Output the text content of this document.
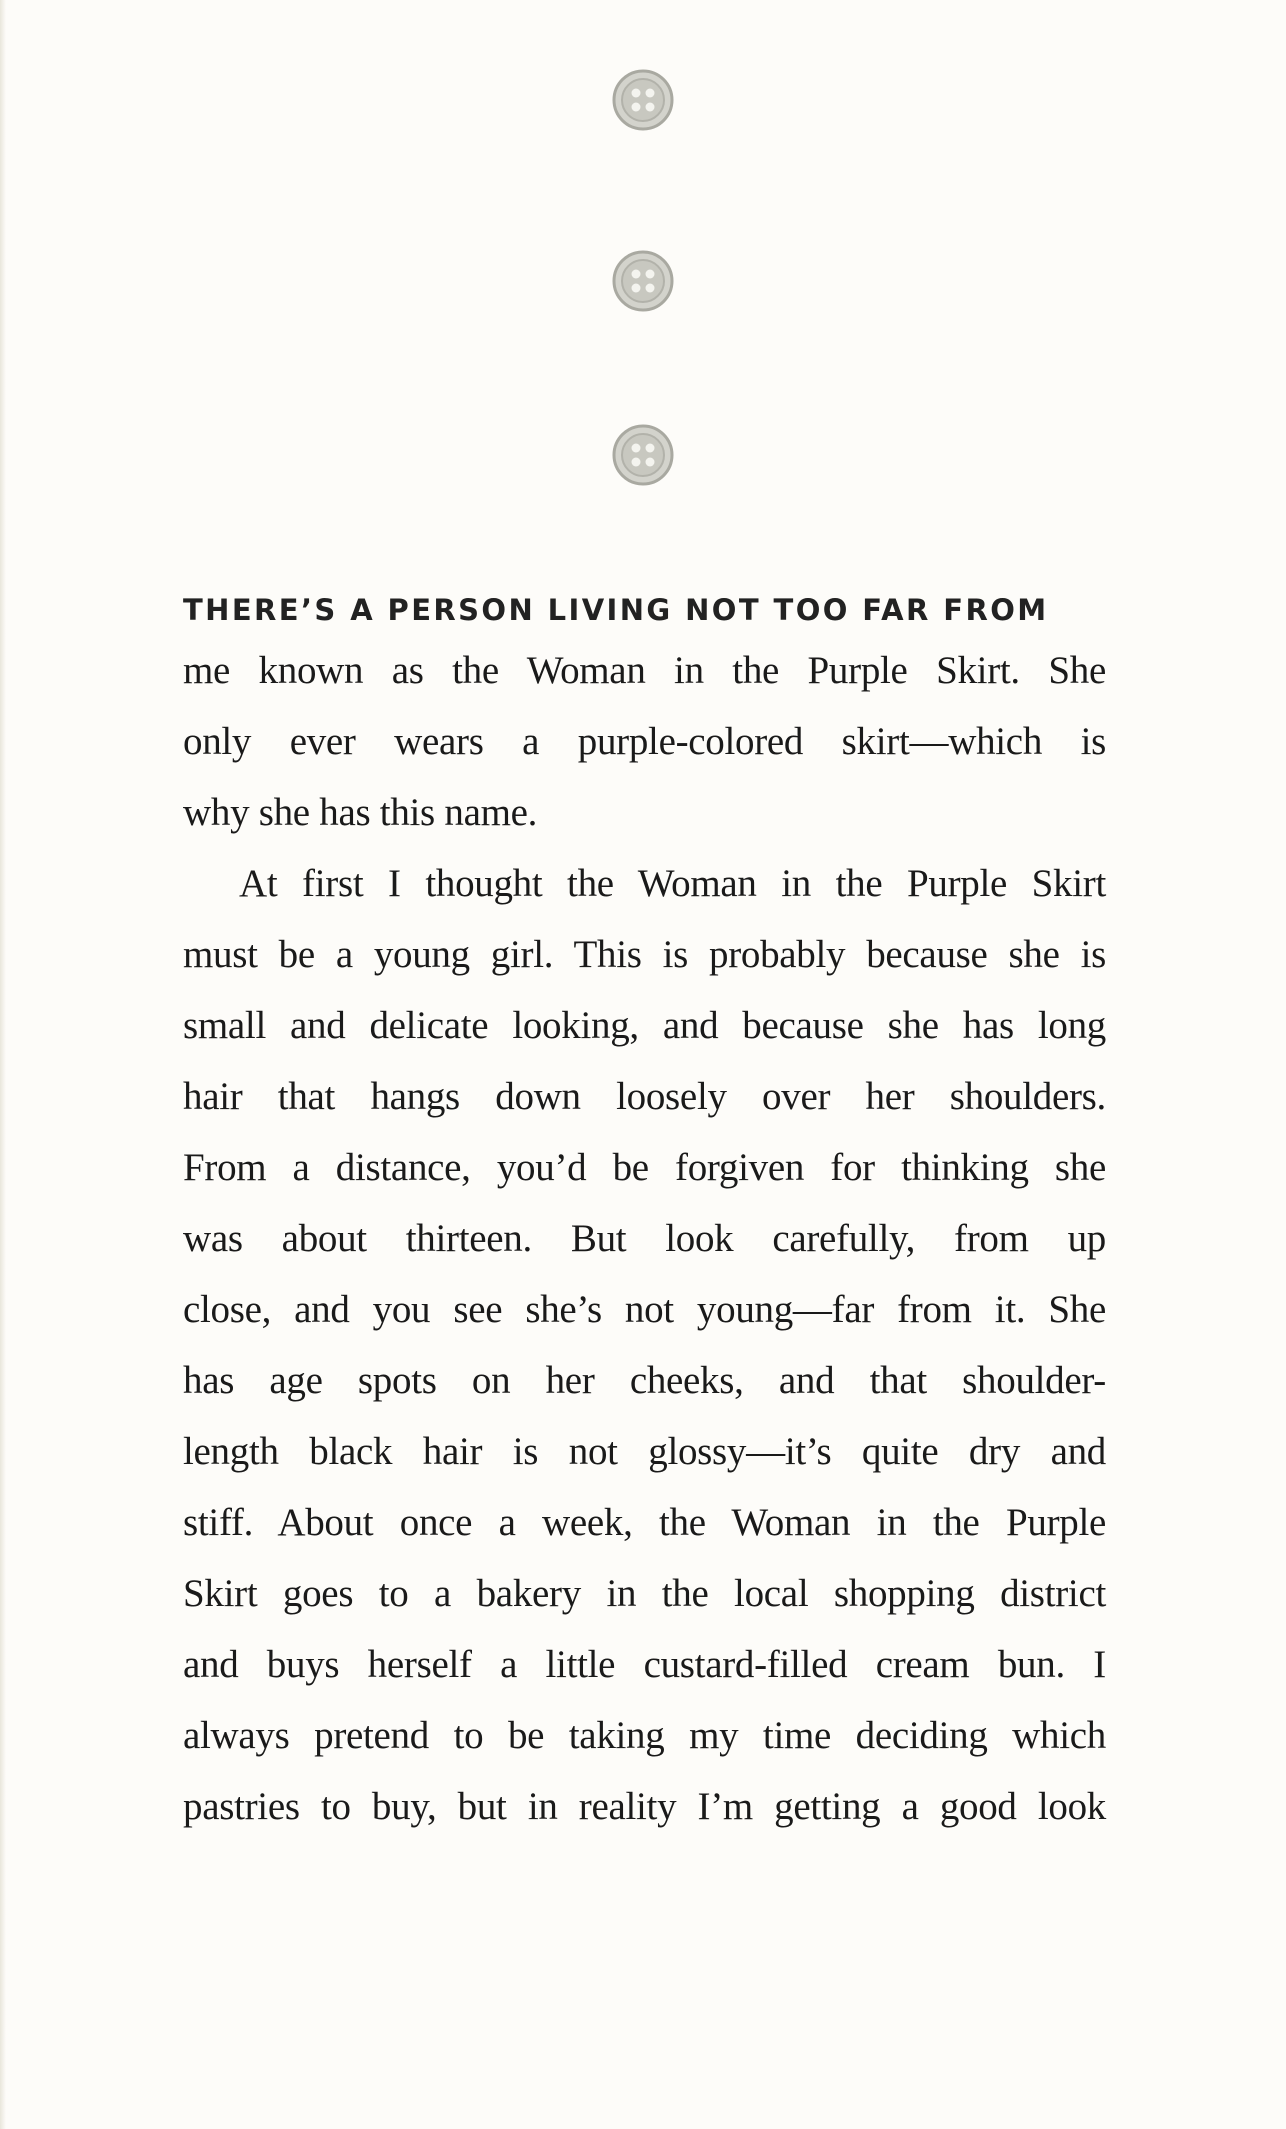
THERE’S A PERSON LIVING NOT TOO FAR FROM
me known as the Woman in the Purple Skirt. She
only ever wears a purple-colored skirt—which is
why she has this name.
At first I thought the Woman in the Purple Skirt
must be a young girl. This is probably because she is
small and delicate looking, and because she has long
hair that hangs down loosely over her shoulders.
From a distance, you’d be forgiven for thinking she
was about thirteen. But look carefully, from up
close, and you see she’s not young—far from it. She
has age spots on her cheeks, and that shoulder-
length black hair is not glossy—it’s quite dry and
stiff. About once a week, the Woman in the Purple
Skirt goes to a bakery in the local shopping district
and buys herself a little custard-filled cream bun. I
always pretend to be taking my time deciding which
pastries to buy, but in reality I’m getting a good look
